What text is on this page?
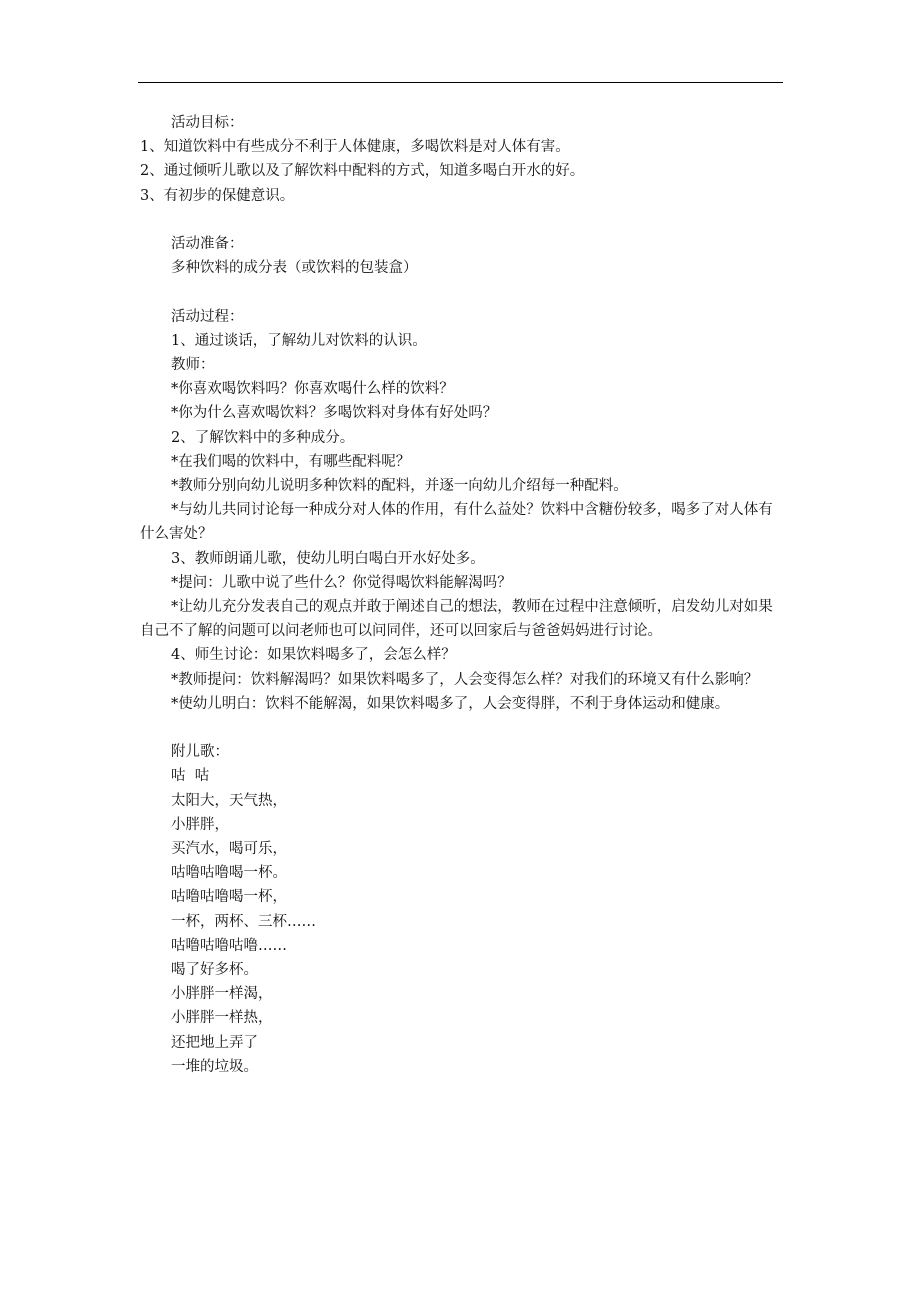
活动目标：
1、知道饮料中有些成分不利于人体健康，多喝饮料是对人体有害。
2、通过倾听儿歌以及了解饮料中配料的方式，知道多喝白开水的好。
3、有初步的保健意识。
活动准备：
多种饮料的成分表（或饮料的包装盒）
活动过程：
1、通过谈话，了解幼儿对饮料的认识。
教师：
*你喜欢喝饮料吗？你喜欢喝什么样的饮料？
*你为什么喜欢喝饮料？多喝饮料对身体有好处吗？
2、了解饮料中的多种成分。
*在我们喝的饮料中，有哪些配料呢？
*教师分别向幼儿说明多种饮料的配料，并逐一向幼儿介绍每一种配料。
*与幼儿共同讨论每一种成分对人体的作用，有什么益处？饮料中含糖份较多，喝多了对人体有什么害处？
3、教师朗诵儿歌，使幼儿明白喝白开水好处多。
*提问：儿歌中说了些什么？你觉得喝饮料能解渴吗？
*让幼儿充分发表自己的观点并敢于阐述自己的想法，教师在过程中注意倾听，启发幼儿对如果自己不了解的问题可以问老师也可以问同伴，还可以回家后与爸爸妈妈进行讨论。
4、师生讨论：如果饮料喝多了，会怎么样？
*教师提问：饮料解渴吗？如果饮料喝多了，人会变得怎么样？对我们的环境又有什么影响？
*使幼儿明白：饮料不能解渴，如果饮料喝多了，人会变得胖，不利于身体运动和健康。
附儿歌：
咕  咕
太阳大，天气热，
小胖胖，
买汽水，喝可乐，
咕噜咕噜喝一杯。
咕噜咕噜喝一杯，
一杯，两杯、三杯……
咕噜咕噜咕噜……
喝了好多杯。
小胖胖一样渴，
小胖胖一样热，
还把地上弄了
一堆的垃圾。
